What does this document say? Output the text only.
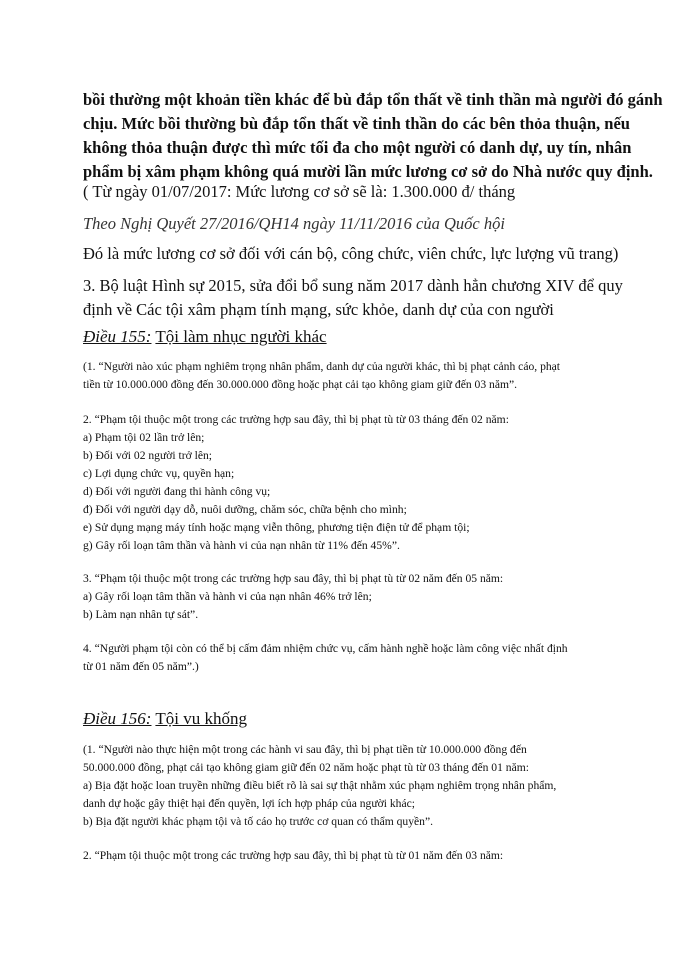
bồi thường một khoản tiền khác để bù đắp tổn thất về tinh thần mà người đó gánh
chịu. Mức bồi thường bù đắp tổn thất về tinh thần do các bên thỏa thuận, nếu
không thỏa thuận được thì mức tối đa cho một người có danh dự, uy tín, nhân
phẩm bị xâm phạm không quá mười lần mức lương cơ sở do Nhà nước quy định.
( Từ ngày 01/07/2017: Mức lương cơ sở sẽ là: 1.300.000 đ/ tháng
Theo Nghị Quyết 27/2016/QH14 ngày 11/11/2016 của Quốc hội
Đó là mức lương cơ sở đối với cán bộ, công chức, viên chức, lực lượng vũ trang)
3. Bộ luật Hình sự 2015, sửa đổi bổ sung năm 2017 dành hẳn chương XIV để quy
định về Các tội xâm phạm tính mạng, sức khỏe, danh dự của con người
Điều 155: Tội làm nhục người khác

(1. “Người nào xúc phạm nghiêm trọng nhân phẩm, danh dự của người khác, thì bị phạt cảnh cáo, phạt

tiền từ 10.000.000 đồng đến 30.000.000 đồng hoặc phạt cải tạo không giam giữ đến 03 năm”.

2. “Phạm tội thuộc một trong các trường hợp sau đây, thì bị phạt tù từ 03 tháng đến 02 năm:

a) Phạm tội 02 lần trở lên;

b) Đối với 02 người trở lên;

c) Lợi dụng chức vụ, quyền hạn;

d) Đối với người đang thi hành công vụ;

đ) Đối với người dạy dỗ, nuôi dưỡng, chăm sóc, chữa bệnh cho mình;

e) Sử dụng mạng máy tính hoặc mạng viễn thông, phương tiện điện tử để phạm tội;

g) Gây rối loạn tâm thần và hành vi của nạn nhân từ 11% đến 45%”.

3. “Phạm tội thuộc một trong các trường hợp sau đây, thì bị phạt tù từ 02 năm đến 05 năm:

a) Gây rối loạn tâm thần và hành vi của nạn nhân 46% trở lên;

b) Làm nạn nhân tự sát”.

4. “Người phạm tội còn có thể bị cấm đảm nhiệm chức vụ, cấm hành nghề hoặc làm công việc nhất định

từ 01 năm đến 05 năm”.)

Điều 156: Tội vu khống

(1. “Người nào thực hiện một trong các hành vi sau đây, thì bị phạt tiền từ 10.000.000 đồng đến

50.000.000 đồng, phạt cải tạo không giam giữ đến 02 năm hoặc phạt tù từ 03 tháng đến 01 năm:

a) Bịa đặt hoặc loan truyền những điều biết rõ là sai sự thật nhằm xúc phạm nghiêm trọng nhân phẩm,

danh dự hoặc gây thiệt hại đến quyền, lợi ích hợp pháp của người khác;

b) Bịa đặt người khác phạm tội và tố cáo họ trước cơ quan có thẩm quyền”.

2. “Phạm tội thuộc một trong các trường hợp sau đây, thì bị phạt tù từ 01 năm đến 03 năm:
